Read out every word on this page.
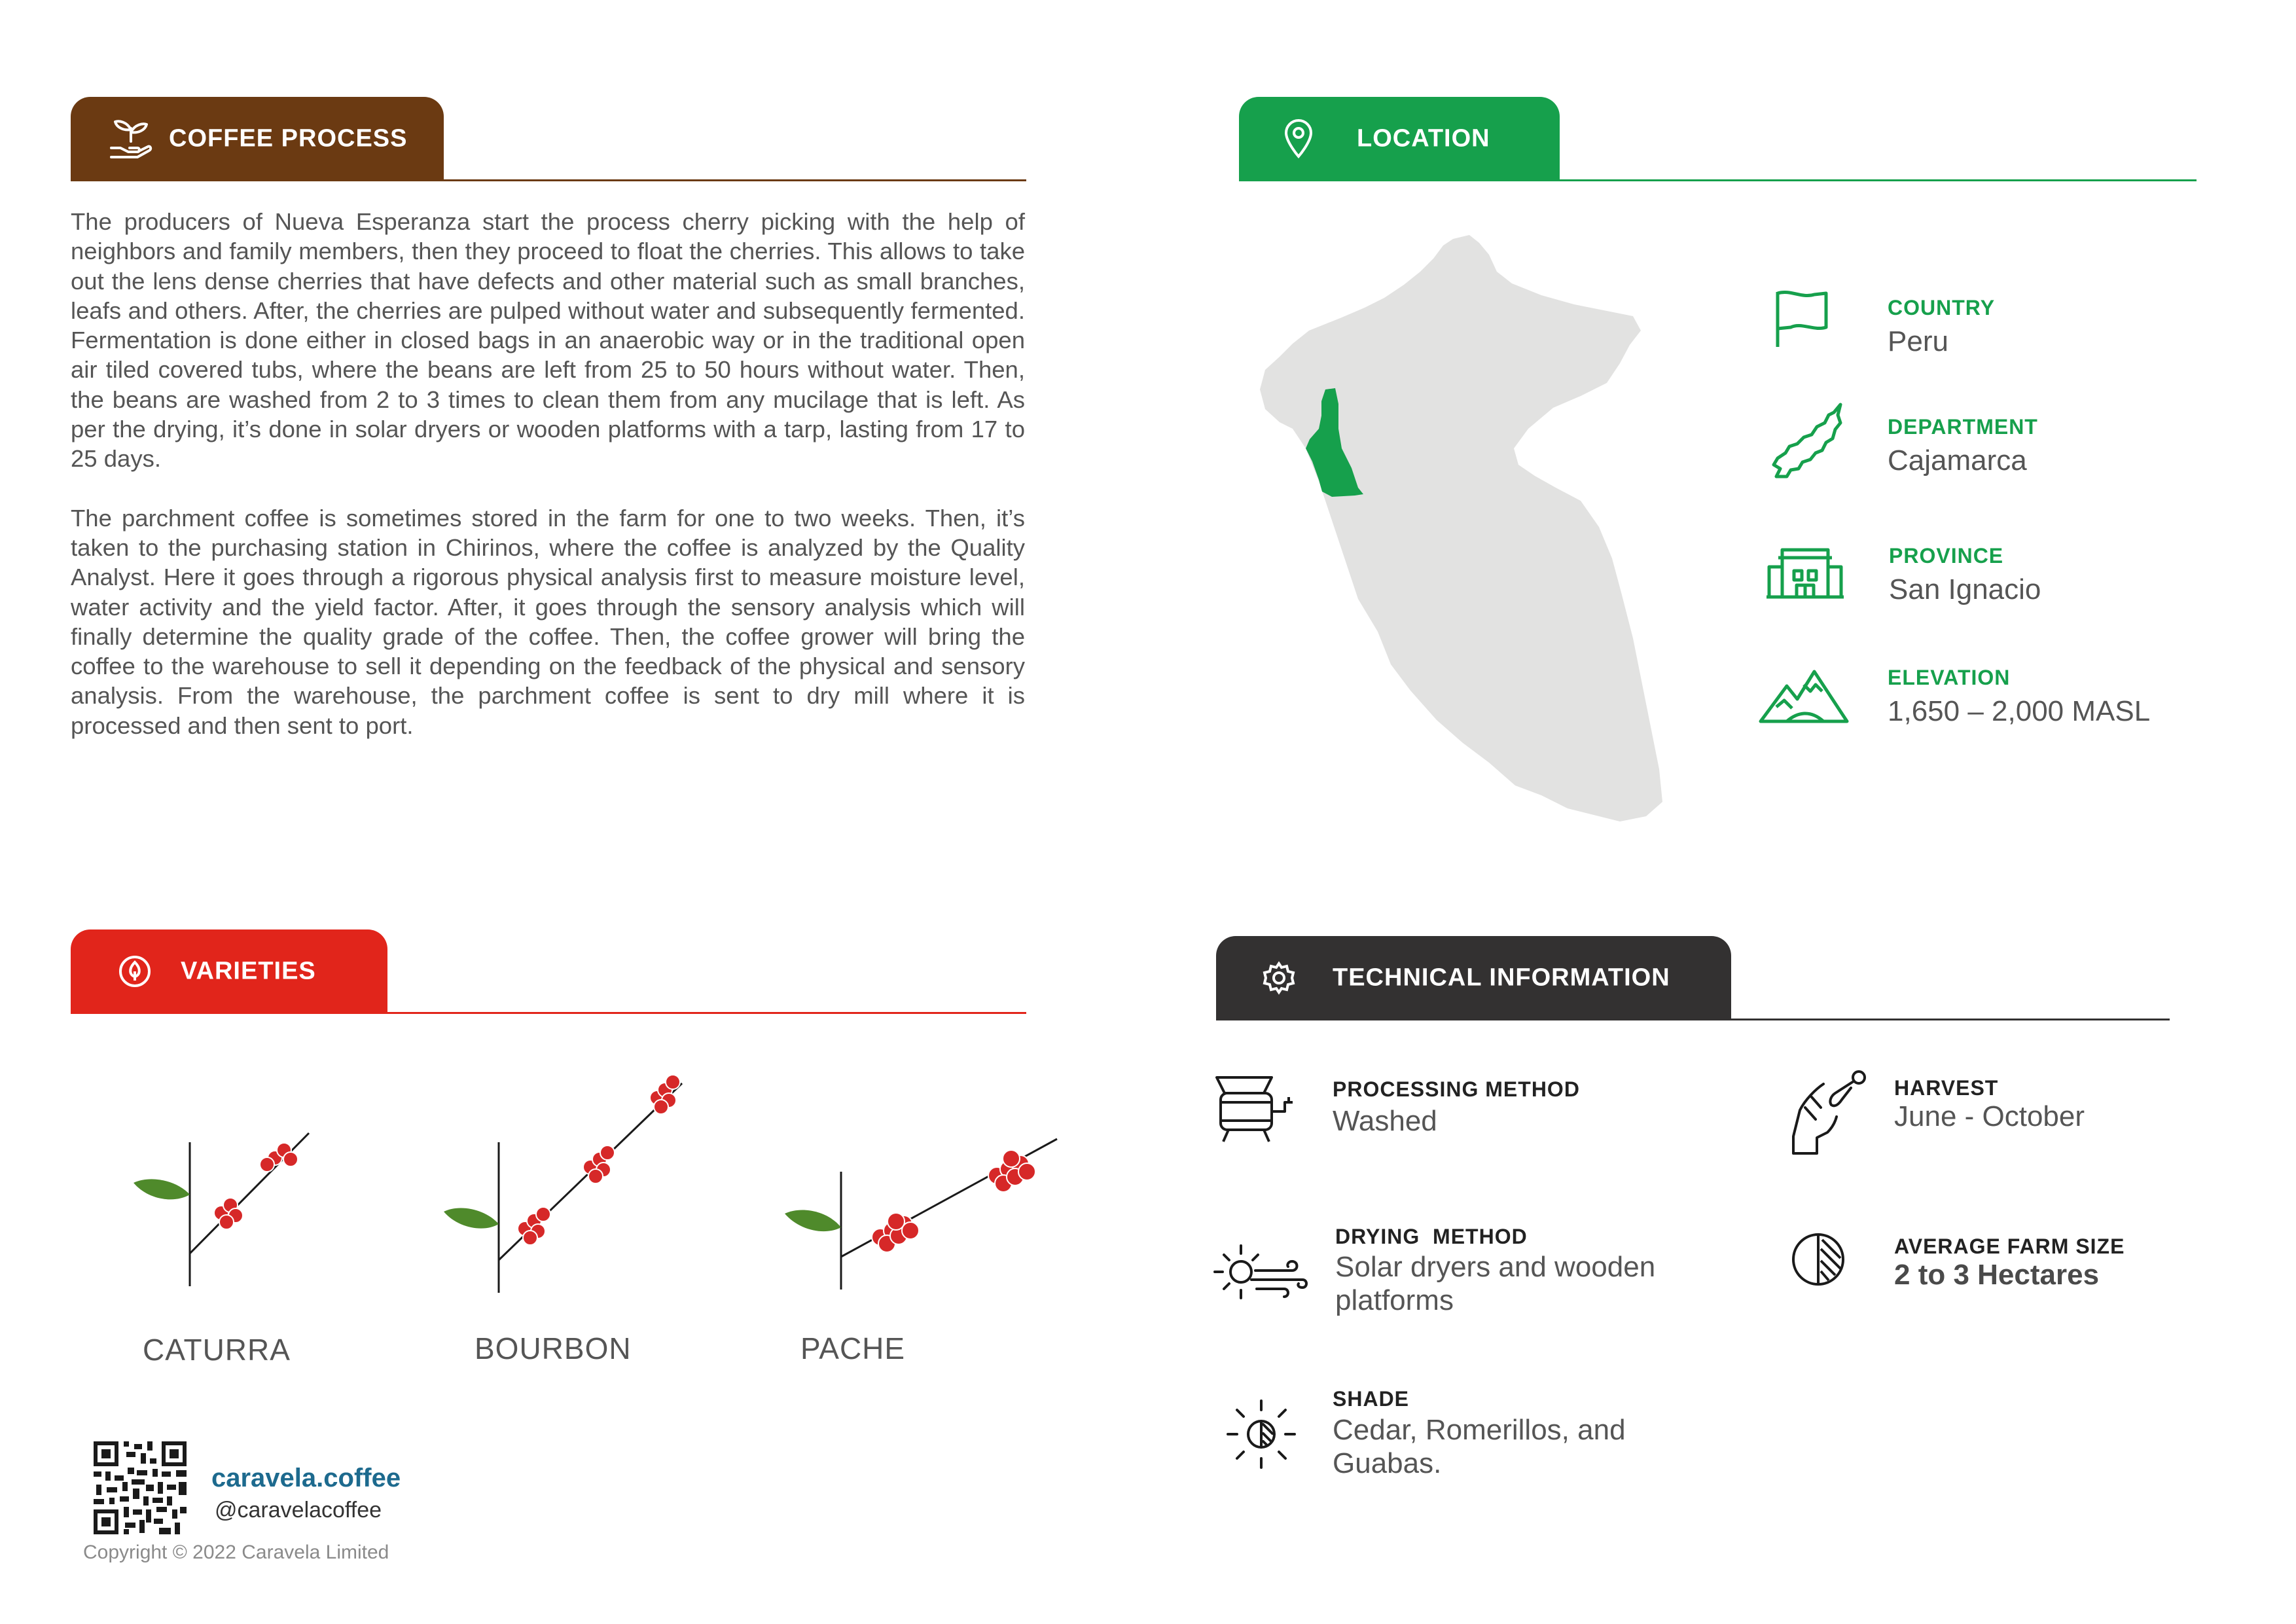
COFFEE PROCESS

The producers of Nueva Esperanza start the process cherry picking with the help of neighbors and family members, then they proceed to float the cherries. This allows to take out the lens dense cherries that have defects and other material such as small branches, leafs and others. After, the cherries are pulped without water and subsequently fermented. Fermentation is done either in closed bags in an anaerobic way or in the traditional open air tiled covered tubs, where the beans are left from 25 to 50 hours without water. Then, the beans are washed from 2 to 3 times to clean them from any mucilage that is left. As per the drying, it’s done in solar dryers or wooden platforms with a tarp, lasting from 17 to 25 days.

The parchment coffee is sometimes stored in the farm for one to two weeks. Then, it’s taken to the purchasing station in Chirinos, where the coffee is analyzed by the Quality Analyst. Here it goes through a rigorous physical analysis first to measure moisture level, water activity and the yield factor. After, it goes through the sensory analysis which will finally determine the quality grade of the coffee. Then, the coffee grower will bring the coffee to the warehouse to sell it depending on the feedback of the physical and sensory analysis. From the warehouse, the parchment coffee is sent to dry mill where it is processed and then sent to port.

LOCATION
COUNTRY
Peru
DEPARTMENT
Cajamarca
PROVINCE
San Ignacio
ELEVATION
1,650 – 2,000 MASL
VARIETIES
CATURRA	BOURBON	PACHE
TECHNICAL INFORMATION
PROCESSING METHOD
Washed
HARVEST
June - October
DRYING  METHOD
Solar dryers and wooden
platforms
AVERAGE FARM SIZE
2 to 3 Hectares
SHADE
Cedar, Romerillos, and
Guabas.
caravela.coffee
@caravelacoffee
Copyright © 2022 Caravela Limited
